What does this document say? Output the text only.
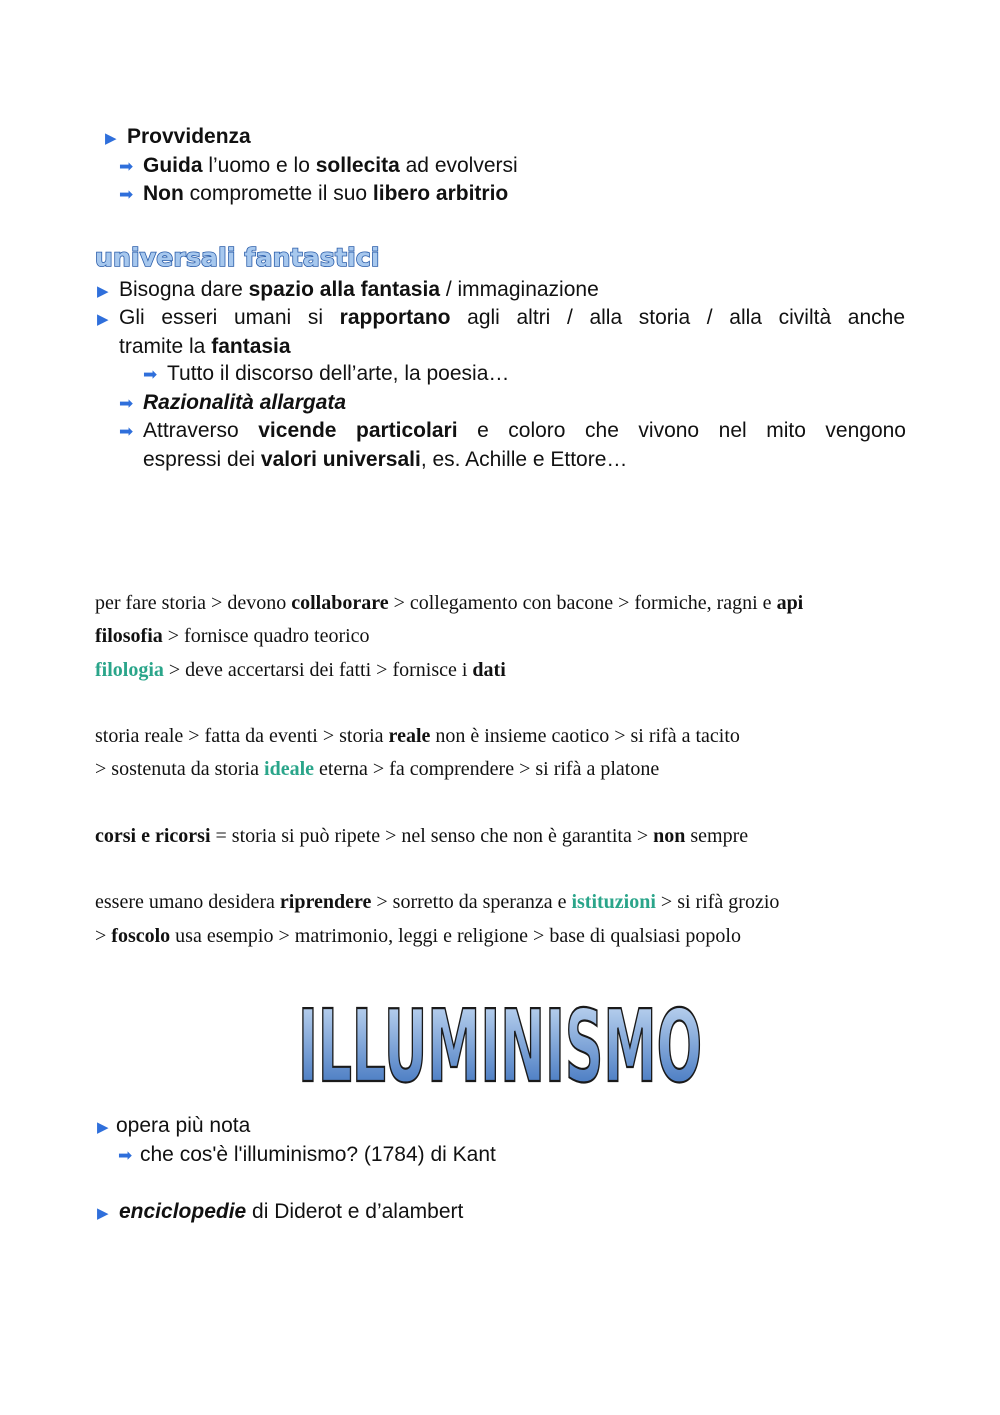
▶ Provvidenza
➡ Guida l’uomo e lo sollecita ad evolversi
➡ Non compromette il suo libero arbitrio
universali fantastici
▶ Bisogna dare spazio alla fantasia / immaginazione
▶ Gli esseri umani si rapportano agli altri / alla storia / alla civiltà anche
tramite la fantasia
➡ Tutto il discorso dell’arte, la poesia…
➡ Razionalità allargata
➡ Attraverso vicende particolari e coloro che vivono nel mito vengono
espressi dei valori universali, es. Achille e Ettore…
per fare storia > devono collaborare > collegamento con bacone > formiche, ragni e api
filosofia > fornisce quadro teorico
filologia > deve accertarsi dei fatti > fornisce i dati
storia reale > fatta da eventi > storia reale non è insieme caotico > si rifà a tacito
> sostenuta da storia ideale eterna > fa comprendere > si rifà a platone
corsi e ricorsi = storia si può ripete > nel senso che non è garantita > non sempre
essere umano desidera riprendere > sorretto da speranza e istituzioni > si rifà grozio
> foscolo usa esempio > matrimonio, leggi e religione > base di qualsiasi popolo
ILLUMINISMO
▶ opera più nota
➡ che cos'è l'illuminismo? (1784) di Kant
▶ enciclopedie di Diderot e d’alambert
